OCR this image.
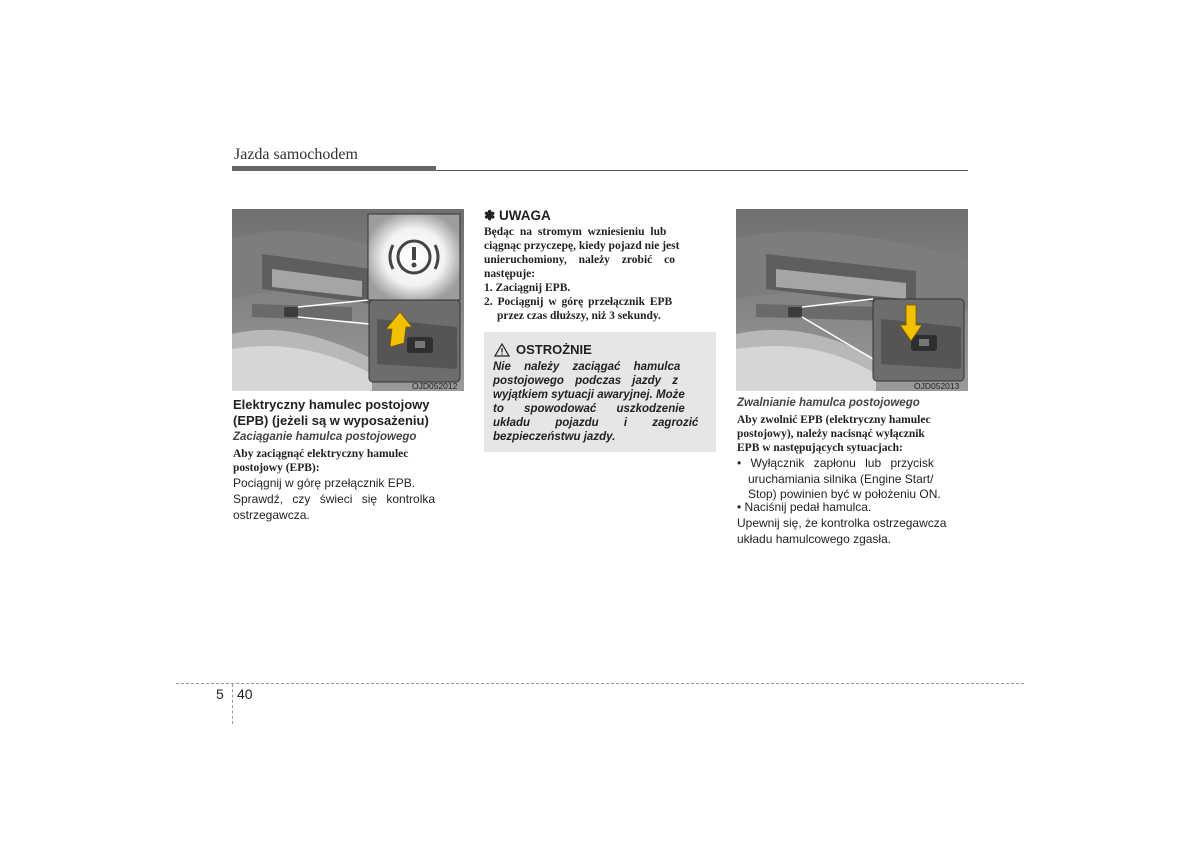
Jazda samochodem
OJD052012
Elektryczny hamulec postojowy
(EPB) (jeżeli są w wyposażeniu)
Zaciąganie hamulca postojowego
Aby zaciągnąć elektryczny hamulec
postojowy (EPB):
Pociągnij w górę przełącznik EPB.
Sprawdź, czy świeci się kontrolka
ostrzegawcza.
✽ UWAGA
Będąc na stromym wzniesieniu lub
ciągnąc przyczepę, kiedy pojazd nie jest
unieruchomiony, należy zrobić co
następuje:
1. Zaciągnij EPB.
2. Pociągnij w górę przełącznik EPB
przez czas dłuższy, niż 3 sekundy.
OSTROŻNIE
Nie należy zaciągać hamulca
postojowego podczas jazdy z
wyjątkiem sytuacji awaryjnej. Może
to spowodować uszkodzenie
układu pojazdu i zagrozić
bezpieczeństwu jazdy.
OJD052013
Zwalnianie hamulca postojowego
Aby zwolnić EPB (elektryczny hamulec
postojowy), należy nacisnąć wyłącznik
EPB w następujących sytuacjach:
• Wyłącznik zapłonu lub przycisk
uruchamiania silnika (Engine Start/
Stop) powinien być w położeniu ON.
• Naciśnij pedał hamulca.
Upewnij się, że kontrolka ostrzegawcza
układu hamulcowego zgasła.
5 40
